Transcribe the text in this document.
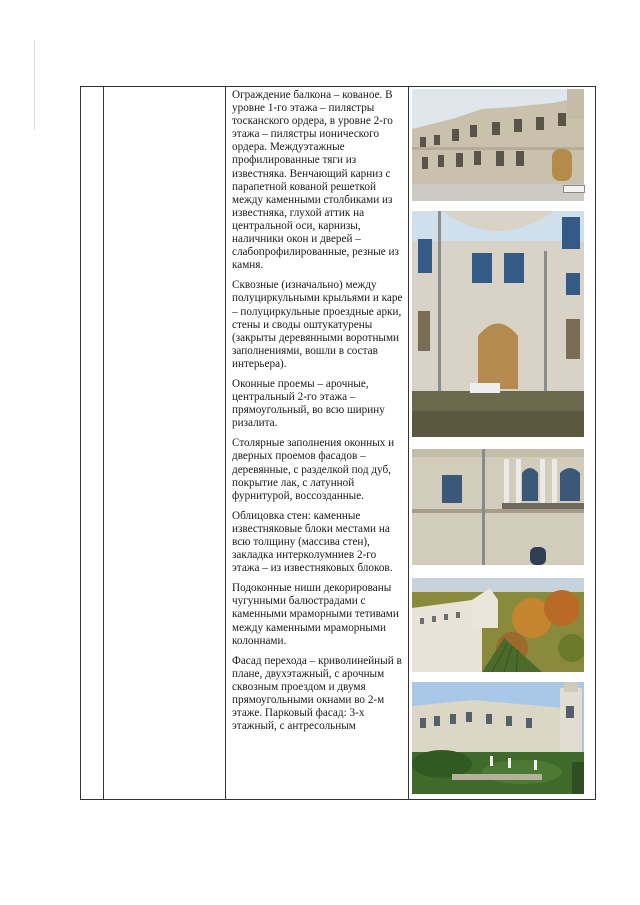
Ограждение балкона – кованое. В уровне 1-го этажа – пилястры тосканского ордера, в уровне 2-го этажа – пилястры ионического ордера. Междуэтажные профилированные тяги из известняка. Венчающий карниз с парапетной кованой решеткой между каменными столбиками из известняка, глухой аттик на центральной оси, карнизы, наличники окон и дверей – слабопрофилированные, резные из камня.

Сквозные (изначально) между полуциркульными крыльями и каре – полуциркульные проездные арки, стены и своды оштукатурены (закрыты деревянными воротными заполнениями, вошли в состав интерьера).

Оконные проемы – арочные, центральный 2-го этажа – прямоугольный, во всю ширину ризалита.

Столярные заполнения оконных и дверных проемов фасадов – деревянные, с разделкой под дуб, покрытие лак, с латунной фурнитурой, воссозданные.

Облицовка стен: каменные известняковые блоки местами на всю толщину (массива стен), закладка интерколумниев 2-го этажа – из известняковых блоков.

Подоконные ниши декорированы чугунными балюстрадами с каменными мраморными тетивами между каменными мраморными колоннами.

Фасад перехода – криволинейный в плане, двухэтажный, с арочным сквозным проездом и двумя прямоугольными окнами во 2-м этаже. Парковый фасад: 3-х этажный, с антресольным
